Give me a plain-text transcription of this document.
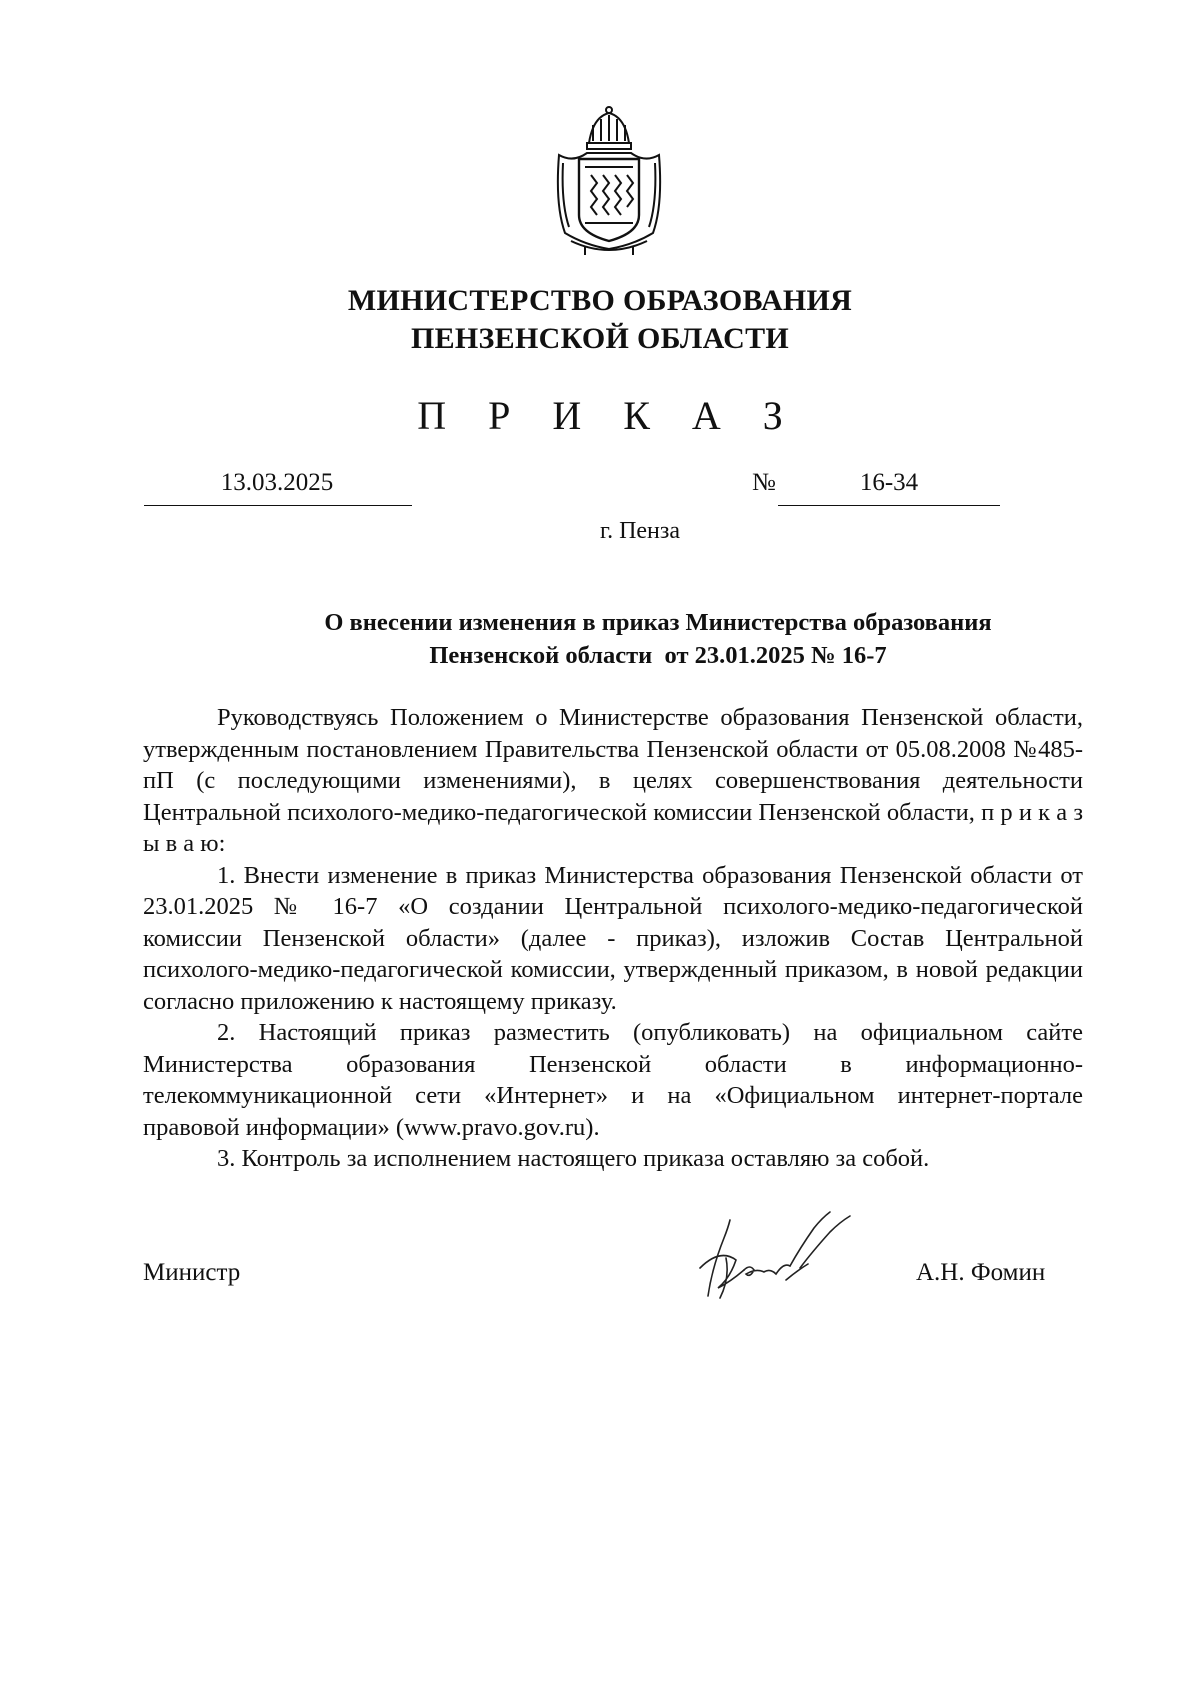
МИНИСТЕРСТВО ОБРАЗОВАНИЯ
ПЕНЗЕНСКОЙ ОБЛАСТИ
П Р И К А З
13.03.2025	№	16-34
г. Пенза
О внесении изменения в приказ Министерства образования
Пензенской области  от 23.01.2025 № 16-7

Руководствуясь Положением о Министерстве образования Пензенской области, утвержденным постановлением Правительства Пензенской области от 05.08.2008 №485-пП (с последующими изменениями), в целях совершенствования деятельности Центральной психолого-медико-педагогической комиссии Пензенской области, п р и к а з ы в а ю:

1. Внести изменение в приказ Министерства образования Пензенской области от 23.01.2025 № 16-7 «О создании Центральной психолого-медико-педагогической комиссии Пензенской области» (далее - приказ), изложив Состав Центральной психолого-медико-педагогической комиссии, утвержденный приказом, в новой редакции согласно приложению к настоящему приказу.

2. Настоящий приказ разместить (опубликовать) на официальном сайте Министерства образования Пензенской области в информационно-телекоммуникационной сети «Интернет» и на «Официальном интернет-портале правовой информации» (www.pravo.gov.ru).

3. Контроль за исполнением настоящего приказа оставляю за собой.

Министр	А.Н. Фомин
